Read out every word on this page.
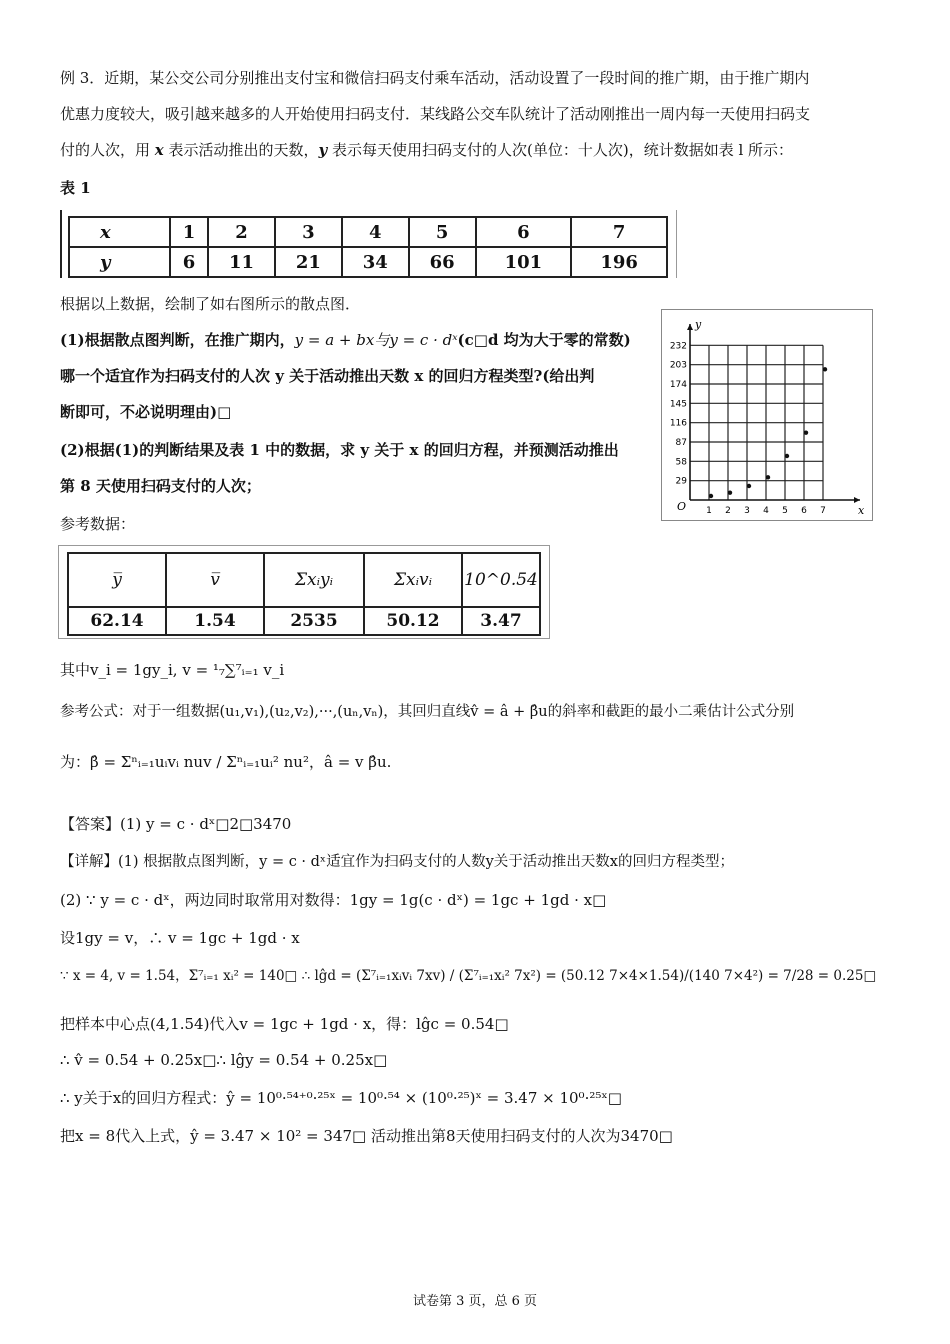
例 3．近期，某公交公司分别推出支付宝和微信扫码支付乘车活动，活动设置了一段时间的推广期，由于推广期内
优惠力度较大，吸引越来越多的人开始使用扫码支付．某线路公交车队统计了活动刚推出一周内每一天使用扫码支
付的人次，用 x 表示活动推出的天数，y 表示每天使用扫码支付的人次(单位：十人次)，统计数据如表 l 所示：
表 1
x	1	2	3	4	5	6	7
y	6	11	21	34	66	101	196
根据以上数据，绘制了如右图所示的散点图．
(1)根据散点图判断，在推广期内，y = a + bx与y = c · dˣ(c□d 均为大于零的常数)
哪一个适宜作为扫码支付的人次 y 关于活动推出天数 x 的回归方程类型?(给出判
断即可，不必说明理由)□
(2)根据(1)的判断结果及表 1 中的数据，求 y 关于 x 的回归方程，并预测活动推出
第 8 天使用扫码支付的人次；
参考数据：
29
58
87
116
145
174
203
232
x
y
O 1 2 3 4 5 6 7
y̅	v̅	Σxᵢyᵢ	Σxᵢvᵢ	10^0.54
62.14	1.54	2535	50.12	3.47
其中v_i = 1gy_i, v = ¹₇∑⁷ᵢ₌₁ v_i
参考公式：对于一组数据(u₁,v₁),(u₂,v₂),···,(uₙ,vₙ)，其回归直线v̂ = â + β̂u的斜率和截距的最小二乘估计公式分别
为：β̂ = Σⁿᵢ₌₁uᵢvᵢ nuv / Σⁿᵢ₌₁uᵢ² nu²，â = v β̂u.
【答案】(1) y = c · dˣ□2□3470
【详解】(1) 根据散点图判断，y = c · dˣ适宜作为扫码支付的人数y关于活动推出天数x的回归方程类型；
(2) ∵ y = c · dˣ，两边同时取常用对数得：1gy = 1g(c · dˣ) = 1gc + 1gd · x□
设1gy = v，∴ v = 1gc + 1gd · x
∵ x = 4, v = 1.54，Σ⁷ᵢ₌₁ xᵢ² = 140□ ∴ lĝd = (Σ⁷ᵢ₌₁xᵢvᵢ 7xv) / (Σ⁷ᵢ₌₁xᵢ² 7x²) = (50.12 7×4×1.54)/(140 7×4²) = 7/28 = 0.25□
把样本中心点(4,1.54)代入v = 1gc + 1gd · x，得：lĝc = 0.54□
∴ v̂ = 0.54 + 0.25x□∴ lĝy = 0.54 + 0.25x□
∴ y关于x的回归方程式：ŷ = 10⁰·⁵⁴⁺⁰·²⁵ˣ = 10⁰·⁵⁴ × (10⁰·²⁵)ˣ = 3.47 × 10⁰·²⁵ˣ□
把x = 8代入上式，ŷ = 3.47 × 10² = 347□ 活动推出第8天使用扫码支付的人次为3470□
试卷第 3 页，总 6 页
